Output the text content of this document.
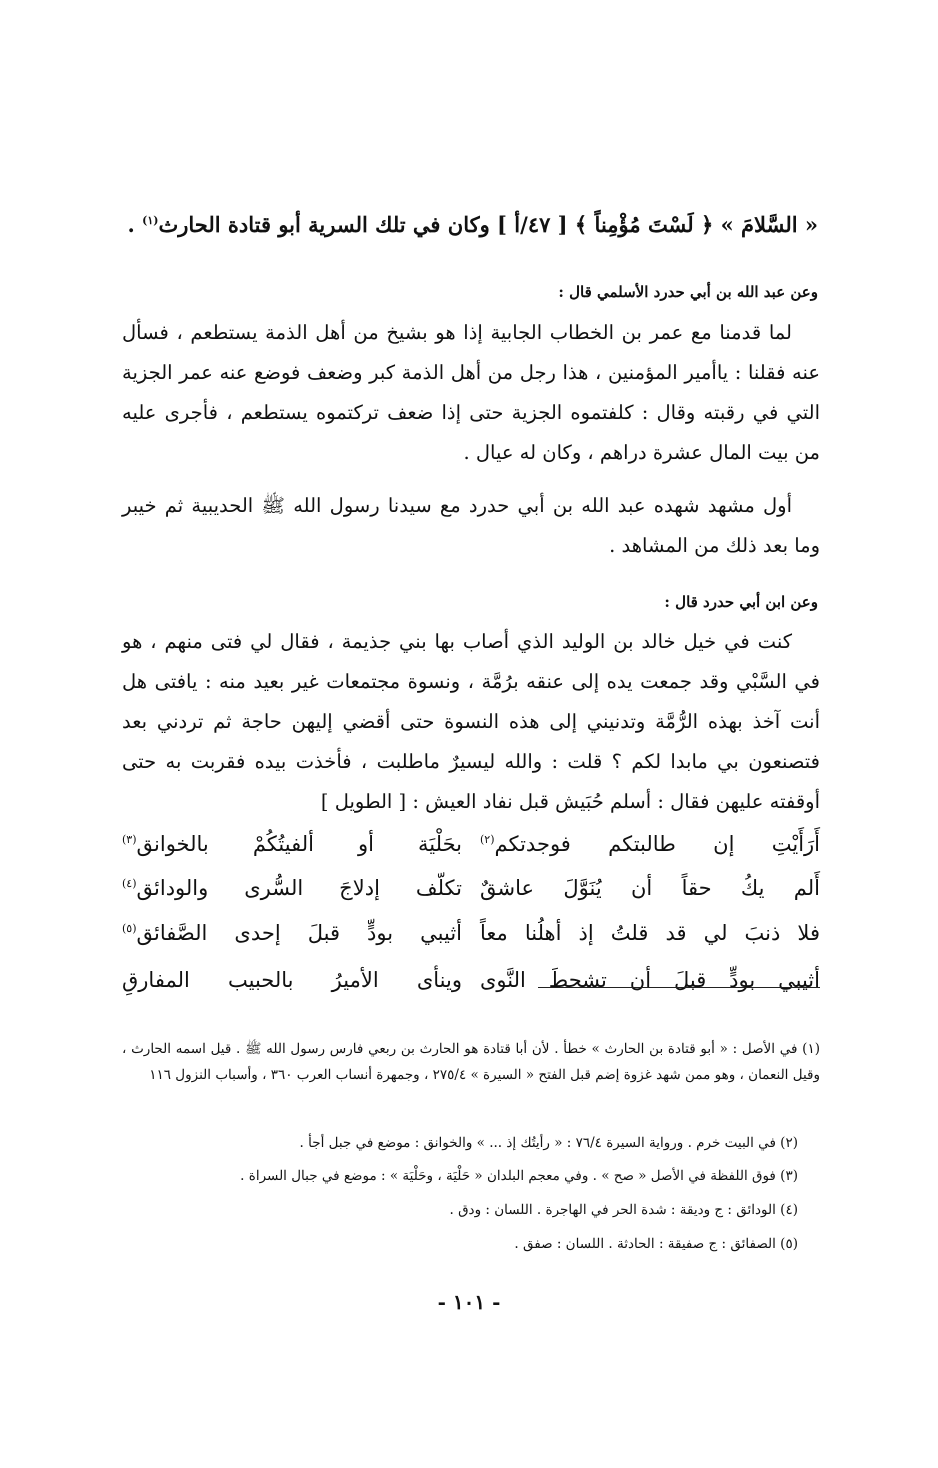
« السَّلامَ » ﴿ لَسْتَ مُؤْمِناً ﴾ [ ٤٧/أ ] وكان في تلك السرية أبو قتادة الحارث$^{(١)}$ .
وعن عبد الله بن أبي حدرد الأسلمي قال :

لما قدمنا مع عمر بن الخطاب الجابية إذا هو بشيخ من أهل الذمة يستطعم ، فسأل عنه فقلنا : ياأمير المؤمنين ، هذا رجل من أهل الذمة كبر وضعف فوضع عنه عمر الجزية التي في رقبته وقال : كلفتموه الجزية حتى إذا ضعف تركتموه يستطعم ، فأجرى عليه من بيت المال عشرة دراهم ، وكان له عيال .

أول مشهد شهده عبد الله بن أبي حدرد مع سيدنا رسول الله ﷺ الحديبية ثم خيبر وما بعد ذلك من المشاهد .

وعن ابن أبي حدرد قال :

كنت في خيل خالد بن الوليد الذي أصاب بها بني جذيمة ، فقال لي فتى منهم ، هو في السَّبْي وقد جمعت يده إلى عنقه برُمَّة ، ونسوة مجتمعات غير بعيد منه : يافتى هل أنت آخذ بهذه الرُّمَّة وتدنيني إلى هذه النسوة حتى أقضي إليهن حاجة ثم تردني بعد فتصنعون بي مابدا لكم ؟ قلت : والله ليسيرٌ ماطلبت ، فأخذت بيده فقربت به حتى أوقفته عليهن فقال : أسلم حُبَيش قبل نفاد العيش : [ الطويل ]

أَرَأَيْتِ إن طالبتكم فوجدتكم$^{(٢)}$
بحَلْيَة أو ألفيتُكُمْ بالخوانق$^{(٣)}$
أَلم يكُ حقاً أن يُنَوَّلَ عاشقٌ
تكلّف إدلاجَ السُّرى والودائق$^{(٤)}$
فلا ذنبَ لي قد قلتُ إذ أهلُنا معاً
أثيبي بودٍّ قبلَ إحدى الصَّفائق$^{(٥)}$
أثيبي بودٍّ قبلَ أن تشحطَ النَّوى
وينأى الأميرُ بالحبيب المفارقِ
(١) في الأصل : « أبو قتادة بن الحارث » خطأ . لأن أبا قتادة هو الحارث بن ربعي فارس رسول الله ﷺ . قيل اسمه الحارث ، وقيل النعمان ، وهو ممن شهد غزوة إضم قبل الفتح « السيرة » ٢٧٥/٤ ، وجمهرة أنساب العرب ٣٦٠ ، وأسباب النزول ١١٦
(٢) في البيت خرم . ورواية السيرة ٧٦/٤ : « رأيتُك إذ ... » والخوانق : موضع في جبل أجأ .
(٣) فوق اللفظة في الأصل « صح » . وفي معجم البلدان « حَلْيَة ، وحَلْيَة » : موضع في جبال السراة .
(٤) الودائق : ج وديقة : شدة الحر في الهاجرة . اللسان : ودق .
(٥) الصفائق : ج صفيقة : الحادثة . اللسان : صفق .
- ١٠١ -
